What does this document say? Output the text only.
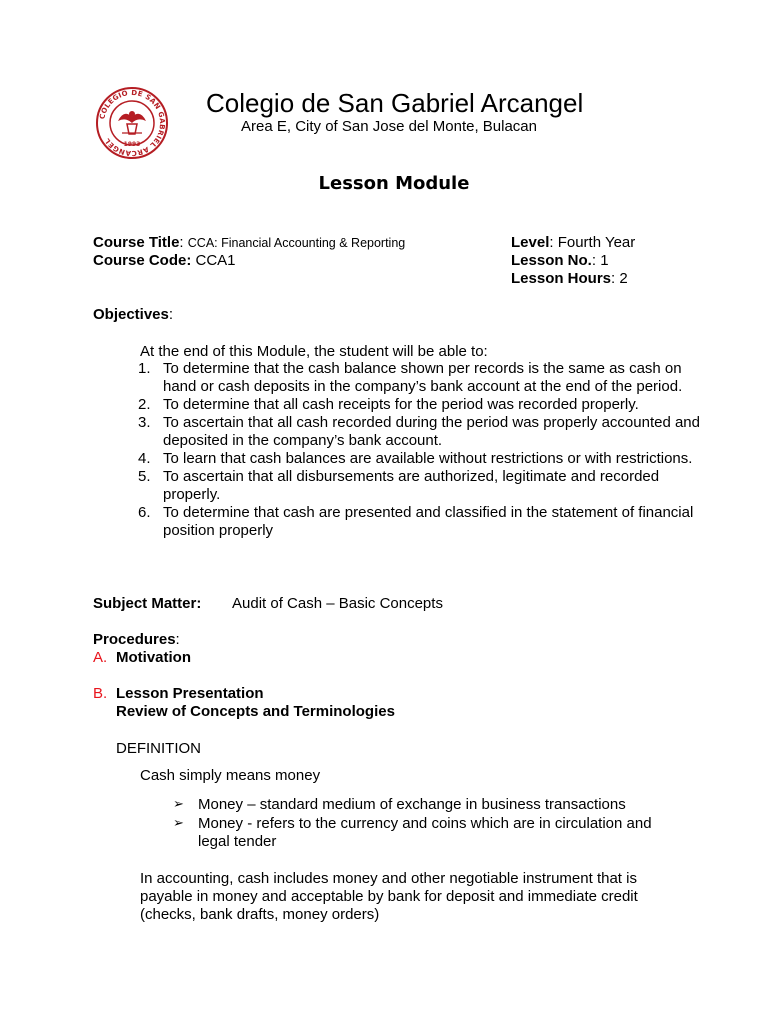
COLEGIO DE SAN GABRIEL ARCANGEL	1993
Colegio de San Gabriel Arcangel
Area E, City of San Jose del Monte, Bulacan
Lesson Module
Course Title: CCA: Financial Accounting & Reporting
Course Code: CCA1
Level: Fourth Year
Lesson No.: 1
Lesson Hours: 2
Objectives:
At the end of this Module, the student will be able to:
1. To determine that the cash balance shown per records is the same as cash on hand or cash deposits in the company’s bank account at the end of the period.
2. To determine that all cash receipts for the period was recorded properly.
3. To ascertain that all cash recorded during the period was properly accounted and deposited in the company’s bank account.
4. To learn that cash balances are available without restrictions or with restrictions.
5. To ascertain that all disbursements are authorized, legitimate and recorded properly.
6. To determine that cash are presented and classified in the statement of financial position properly
Subject Matter: Audit of Cash – Basic Concepts
Procedures:
A. Motivation
B. Lesson Presentation
Review of Concepts and Terminologies
DEFINITION
Cash simply means money
➢ Money – standard medium of exchange in business transactions
➢ Money - refers to the currency and coins which are in circulation and legal tender
In accounting, cash includes money and other negotiable instrument that is payable in money and acceptable by bank for deposit and immediate credit (checks, bank drafts, money orders)
